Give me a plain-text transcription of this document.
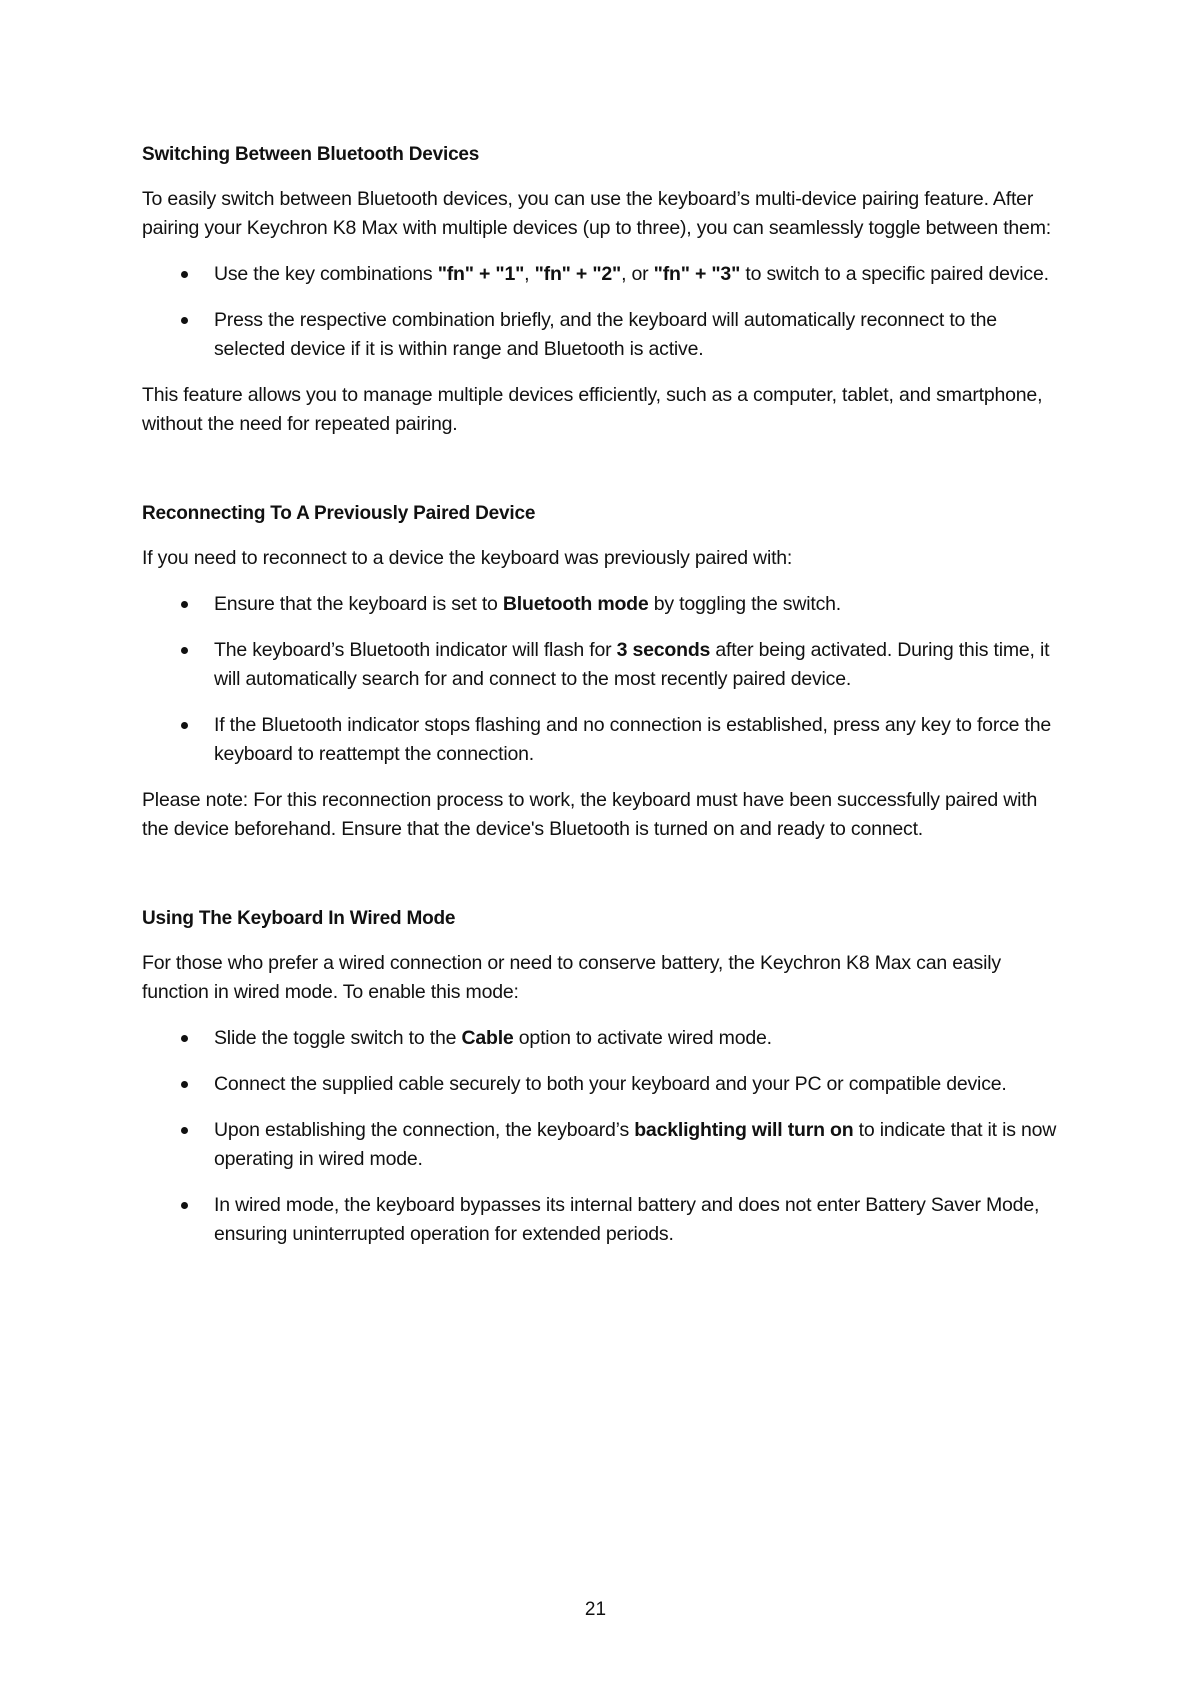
Switching Between Bluetooth Devices

To easily switch between Bluetooth devices, you can use the keyboard’s multi-device pairing feature. After pairing your Keychron K8 Max with multiple devices (up to three), you can seamlessly toggle between them:

Use the key combinations "fn" + "1", "fn" + "2", or "fn" + "3" to switch to a specific paired device.
Press the respective combination briefly, and the keyboard will automatically reconnect to the selected device if it is within range and Bluetooth is active.

This feature allows you to manage multiple devices efficiently, such as a computer, tablet, and smartphone, without the need for repeated pairing.

Reconnecting To A Previously Paired Device

If you need to reconnect to a device the keyboard was previously paired with:

Ensure that the keyboard is set to Bluetooth mode by toggling the switch.
The keyboard’s Bluetooth indicator will flash for 3 seconds after being activated. During this time, it will automatically search for and connect to the most recently paired device.
If the Bluetooth indicator stops flashing and no connection is established, press any key to force the keyboard to reattempt the connection.

Please note: For this reconnection process to work, the keyboard must have been successfully paired with the device beforehand. Ensure that the device's Bluetooth is turned on and ready to connect.

Using The Keyboard In Wired Mode

For those who prefer a wired connection or need to conserve battery, the Keychron K8 Max can easily function in wired mode. To enable this mode:

Slide the toggle switch to the Cable option to activate wired mode.
Connect the supplied cable securely to both your keyboard and your PC or compatible device.
Upon establishing the connection, the keyboard’s backlighting will turn on to indicate that it is now operating in wired mode.
In wired mode, the keyboard bypasses its internal battery and does not enter Battery Saver Mode, ensuring uninterrupted operation for extended periods.
21
